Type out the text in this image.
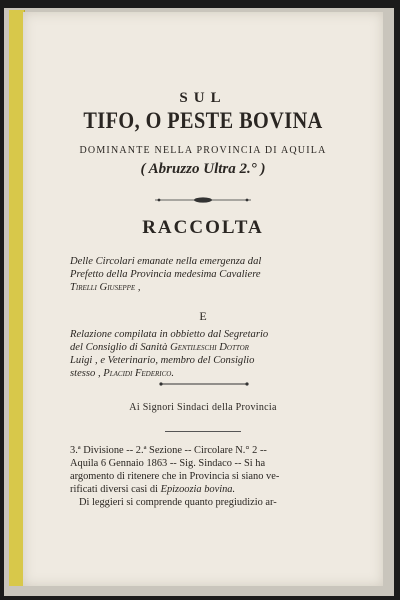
SUL
TIFO, O PESTE BOVINA
DOMINANTE NELLA PROVINCIA DI AQUILA
( Abruzzo Ultra 2.° )
RACCOLTA
Delle Circolari emanate nella emergenza dal
Prefetto della Provincia medesima Cavaliere
Tirelli Giuseppe ,
E
Relazione compilata in obbietto dal Segretario
del Consiglio di Sanità Gentileschi Dottor
Luigi , e Veterinario, membro del Consiglio
stesso , Placidi Federico.
Ai Signori Sindaci della Provincia
3.ª Divisione -- 2.ª Sezione -- Circolare N.° 2 --
Aquila 6 Gennaio 1863 -- Sig. Sindaco -- Si ha
argomento di ritenere che in Provincia si siano ve-
rificati diversi casi di Epizoozia bovina.
Di leggieri si comprende quanto pregiudizio ar-
